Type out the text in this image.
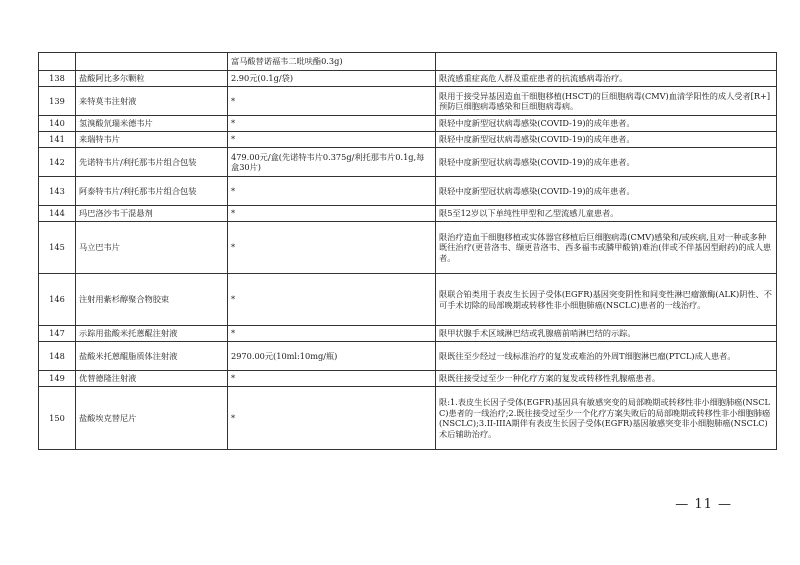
		富马酸替诺福韦二吡呋酯0.3g)	
138	盐酸阿比多尔颗粒	2.90元(0.1g/袋)	限流感重症高危人群及重症患者的抗流感病毒治疗。
139	来特莫韦注射液	*	限用于接受异基因造血干细胞移植(HSCT)的巨细胞病毒(CMV)血清学阳性的成人受者[R+]预防巨细胞病毒感染和巨细胞病毒病。
140	氢溴酸氘瑞米德韦片	*	限轻中度新型冠状病毒感染(COVID-19)的成年患者。
141	来瑞特韦片	*	限轻中度新型冠状病毒感染(COVID-19)的成年患者。
142	先诺特韦片/利托那韦片组合包装	479.00元/盒(先诺特韦片0.375g/利托那韦片0.1g,每盒30片)	限轻中度新型冠状病毒感染(COVID-19)的成年患者。
143	阿泰特韦片/利托那韦片组合包装	*	限轻中度新型冠状病毒感染(COVID-19)的成年患者。
144	玛巴洛沙韦干混悬剂	*	限5至12岁以下单纯性甲型和乙型流感儿童患者。
145	马立巴韦片	*	限治疗造血干细胞移植或实体器官移植后巨细胞病毒(CMV)感染和/或疾病,且对一种或多种既往治疗(更昔洛韦、缬更昔洛韦、西多福韦或膦甲酸钠)难治(伴或不伴基因型耐药)的成人患者。
146	注射用紫杉醇聚合物胶束	*	限联合铂类用于表皮生长因子受体(EGFR)基因突变阴性和间变性淋巴瘤激酶(ALK)阴性、不可手术切除的局部晚期或转移性非小细胞肺癌(NSCLC)患者的一线治疗。
147	示踪用盐酸米托蒽醌注射液	*	限甲状腺手术区域淋巴结或乳腺癌前哨淋巴结的示踪。
148	盐酸米托蒽醌脂质体注射液	2970.00元(10ml:10mg/瓶)	限既往至少经过一线标准治疗的复发或难治的外周T细胞淋巴瘤(PTCL)成人患者。
149	优替德隆注射液	*	限既往接受过至少一种化疗方案的复发或转移性乳腺癌患者。
150	盐酸埃克替尼片	*	限:1.表皮生长因子受体(EGFR)基因具有敏感突变的局部晚期或转移性非小细胞肺癌(NSCLC)患者的一线治疗;2.既往接受过至少一个化疗方案失败后的局部晚期或转移性非小细胞肺癌(NSCLC);3.II-IIIA期伴有表皮生长因子受体(EGFR)基因敏感突变非小细胞肺癌(NSCLC)术后辅助治疗。
— 11 —
